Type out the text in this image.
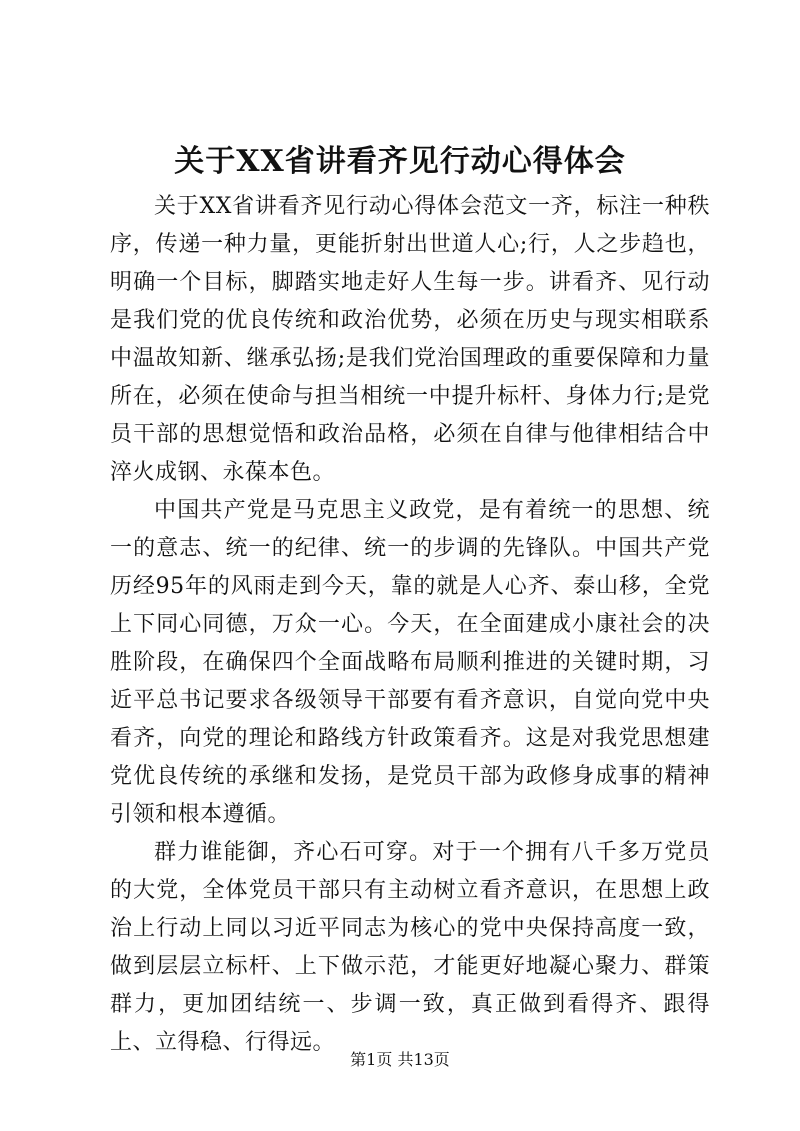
关于XX省讲看齐见行动心得体会

关于XX省讲看齐见行动心得体会范文一齐，标注一种秩序，传递一种力量，更能折射出世道人心;行，人之步趋也，明确一个目标，脚踏实地走好人生每一步。讲看齐、见行动是我们党的优良传统和政治优势，必须在历史与现实相联系中温故知新、继承弘扬;是我们党治国理政的重要保障和力量所在，必须在使命与担当相统一中提升标杆、身体力行;是党员干部的思想觉悟和政治品格，必须在自律与他律相结合中淬火成钢、永葆本色。

中国共产党是马克思主义政党，是有着统一的思想、统一的意志、统一的纪律、统一的步调的先锋队。中国共产党历经95年的风雨走到今天，靠的就是人心齐、泰山移，全党上下同心同德，万众一心。今天，在全面建成小康社会的决胜阶段，在确保四个全面战略布局顺利推进的关键时期，习近平总书记要求各级领导干部要有看齐意识，自觉向党中央看齐，向党的理论和路线方针政策看齐。这是对我党思想建党优良传统的承继和发扬，是党员干部为政修身成事的精神引领和根本遵循。

群力谁能御，齐心石可穿。对于一个拥有八千多万党员的大党，全体党员干部只有主动树立看齐意识，在思想上政治上行动上同以习近平同志为核心的党中央保持高度一致，做到层层立标杆、上下做示范，才能更好地凝心聚力、群策群力，更加团结统一、步调一致，真正做到看得齐、跟得上、立得稳、行得远。

第1页 共13页
